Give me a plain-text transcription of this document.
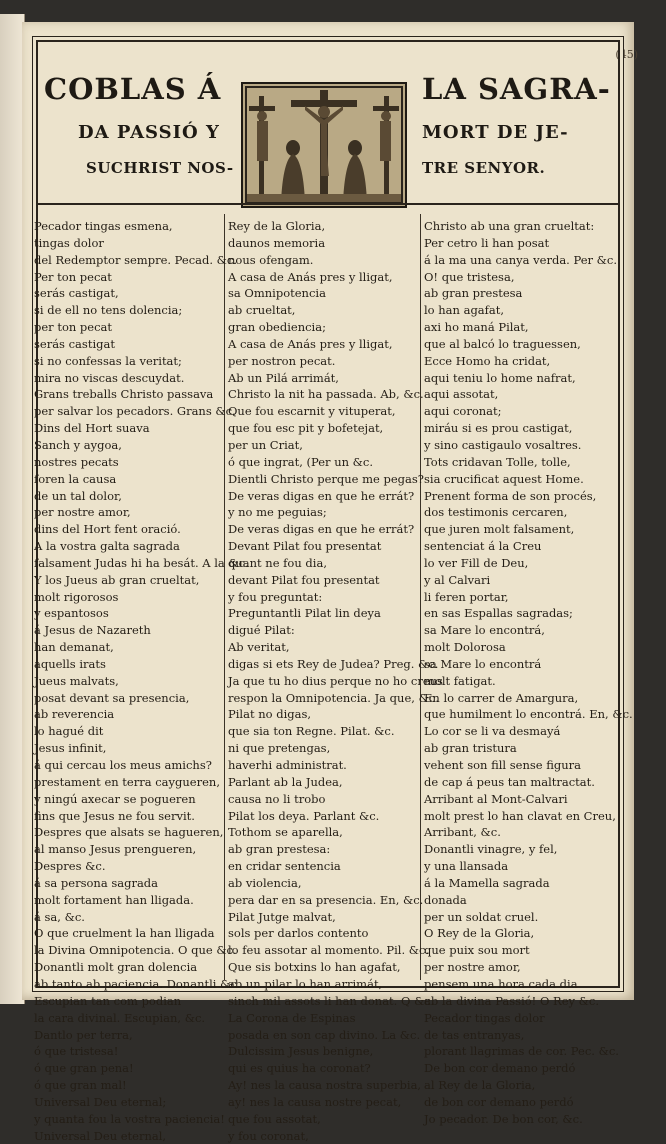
(45)
COBLAS Á
DA PASSIÓ Y
SUCHRIST NOS-
LA SAGRA-
MORT DE JE-
TRE SENYOR.
Pecador tingas esmena,
tingas dolor
del Redemptor sempre. Pecad. &c.
Per ton pecat
serás castigat,
si de ell no tens dolencia;
per ton pecat
serás castigat
si no confessas la veritat;
mira no viscas descuydat.
Grans treballs Christo passava
per salvar los pecadors. Grans &c.
Dins del Hort suava
Sanch y aygoa,
nostres pecats
foren la causa
de un tal dolor,
per nostre amor,
dins del Hort fent oració.
A la vostra galta sagrada
falsament Judas hi ha besát. A la &c.
Y los Jueus ab gran crueltat,
molt rigorosos
y espantosos
á Jesus de Nazareth
han demanat,
aquells irats
Jueus malvats,
posat devant sa presencia,
ab reverencia
lo hagué dit
Jesus infinit,
á qui cercau los meus amichs?
prestament en terra caygueren,
y ningú axecar se pogueren
fins que Jesus ne fou servit.
Despres que alsats se hagueren,
al manso Jesus prengueren,
Despres &c.
á sa persona sagrada
molt fortament han lligada.
á sa, &c.
O que cruelment la han lligada
la Divina Omnipotencia. O que &c.
Donantli molt gran dolencia
ab tanto ab paciencia. Donantli &c.
Escupian tan com podian
la cara divinal. Escupian, &c.
Dantlo per terra,
ó que tristesa!
ó que gran pena!
ó que gran mal!
Universal Deu eternal;
y quanta fou la vostra paciencia!
Universal Deu eternal,
Rey de la Gloria,
daunos memoria
nous ofengam.
A casa de Anás pres y lligat,
sa Omnipotencia
ab crueltat,
gran obediencia;
A casa de Anás pres y lligat,
per nostron pecat.
Ab un Pilá arrimát,
Christo la nit ha passada. Ab, &c.
Que fou escarnit y vituperat,
que fou esc pit y bofetejat,
per un Criat,
ó que ingrat, (Per un &c.
Dientli Christo perque me pegas?
De veras digas en que he errát?
y no me peguias;
De veras digas en que he errát?
Devant Pilat fou presentat
quant ne fou dia,
devant Pilat fou presentat
y fou preguntat:
Preguntantli Pilat lin deya
digué Pilat:
Ab veritat,
digas si ets Rey de Judea? Preg. &c.
Ja que tu ho dius perque no ho creus
respon la Omnipotencia. Ja que, &c.
Pilat no digas,
que sia ton Regne. Pilat. &c.
ni que pretengas,
haverhi administrat.
Parlant ab la Judea,
causa no li trobo
Pilat los deya. Parlant &c.
Tothom se aparella,
ab gran prestesa:
en cridar sentencia
ab violencia,
pera dar en sa presencia. En, &c.
Pilat Jutge malvat,
sols per darlos contento
lo feu assotar al momento. Pil. &c.
Que sis botxins lo han agafat,
ab un pilar lo han arrimát,
sinch mil assots li han donat. Q &c.
La Corona de Espinas
posada en son cap divino. La &c.
Dulcissim Jesus benigne,
qui es quius ha coronat?
Ay! nes la causa nostra superbia,
ay! nes la causa nostre pecat,
que fou assotat,
y fou coronat,
Christo ab una gran crueltat:
Per cetro li han posat
á la ma una canya verda. Per &c.
O! que tristesa,
ab gran prestesa
lo han agafat,
axi ho maná Pilat,
que al balcó lo traguessen,
Ecce Homo ha cridat,
aqui teniu lo home nafrat,
aqui assotat,
aqui coronat;
miráu si es prou castigat,
y sino castigaulo vosaltres.
Tots cridavan Tolle, tolle,
sia crucificat aquest Home.
Prenent forma de son procés,
dos testimonis cercaren,
que juren molt falsament,
sentenciat á la Creu
lo ver Fill de Deu,
y al Calvari
li feren portar,
en sas Espallas sagradas;
sa Mare lo encontrá,
molt Dolorosa
sa Mare lo encontrá
molt fatigat.
En lo carrer de Amargura,
que humilment lo encontrá. En, &c.
Lo cor se li va desmayá
ab gran tristura
vehent son fill sense figura
de cap á peus tan maltractat.
Arribant al Mont-Calvari
molt prest lo han clavat en Creu,
Arribant, &c.
Donantli vinagre, y fel,
y una llansada
á la Mamella sagrada
donada
per un soldat cruel.
O Rey de la Gloria,
que puix sou mort
per nostre amor,
pensem una hora cada dia
ab la divina Passió! O Rey &c.
Pecador tingas dolor
de tas entranyas,
plorant llagrimas de cor. Pec. &c.
De bon cor demano perdó
al Rey de la Gloria,
de bon cor demano perdó
Jo pecador. De bon cor, &c.
